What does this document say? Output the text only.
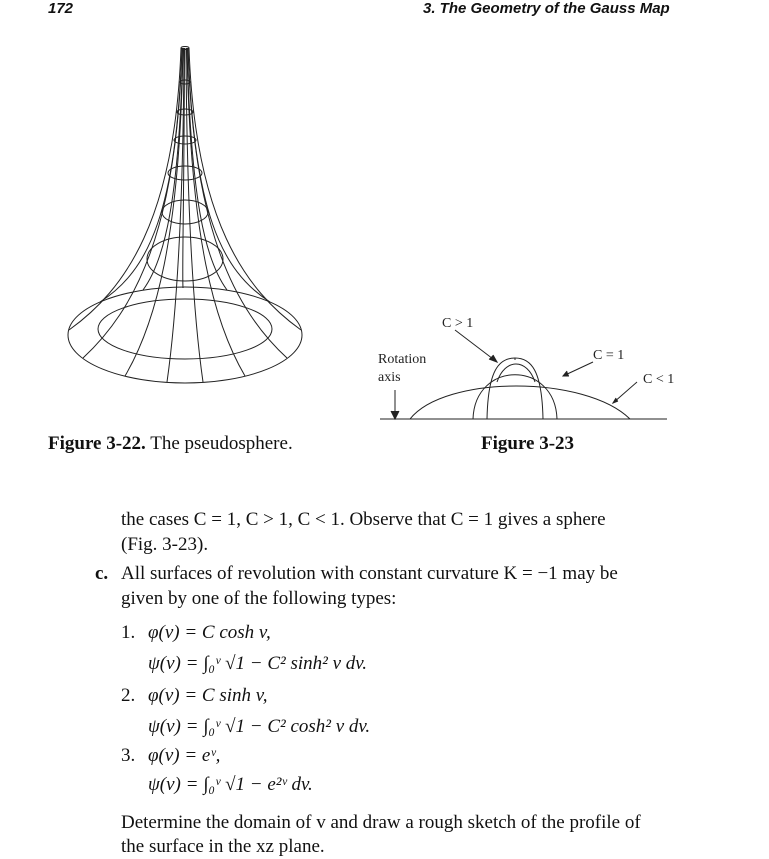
172	3. The Geometry of the Gauss Map
Figure 3-22. The pseudosphere.
C > 1
C = 1
C < 1
Rotation
axis
Figure 3-23
the cases C = 1, C > 1, C < 1. Observe that C = 1 gives a sphere
(Fig. 3-23).
c. All surfaces of revolution with constant curvature K = −1 may be
given by one of the following types:
1. φ(v) = C cosh v,
ψ(v) = ∫₀ᵛ √1 − C² sinh² v dv.
2. φ(v) = C sinh v,
ψ(v) = ∫₀ᵛ √1 − C² cosh² v dv.
3. φ(v) = eᵛ,
ψ(v) = ∫₀ᵛ √1 − e²ᵛ dv.
Determine the domain of v and draw a rough sketch of the profile of
the surface in the xz plane.
